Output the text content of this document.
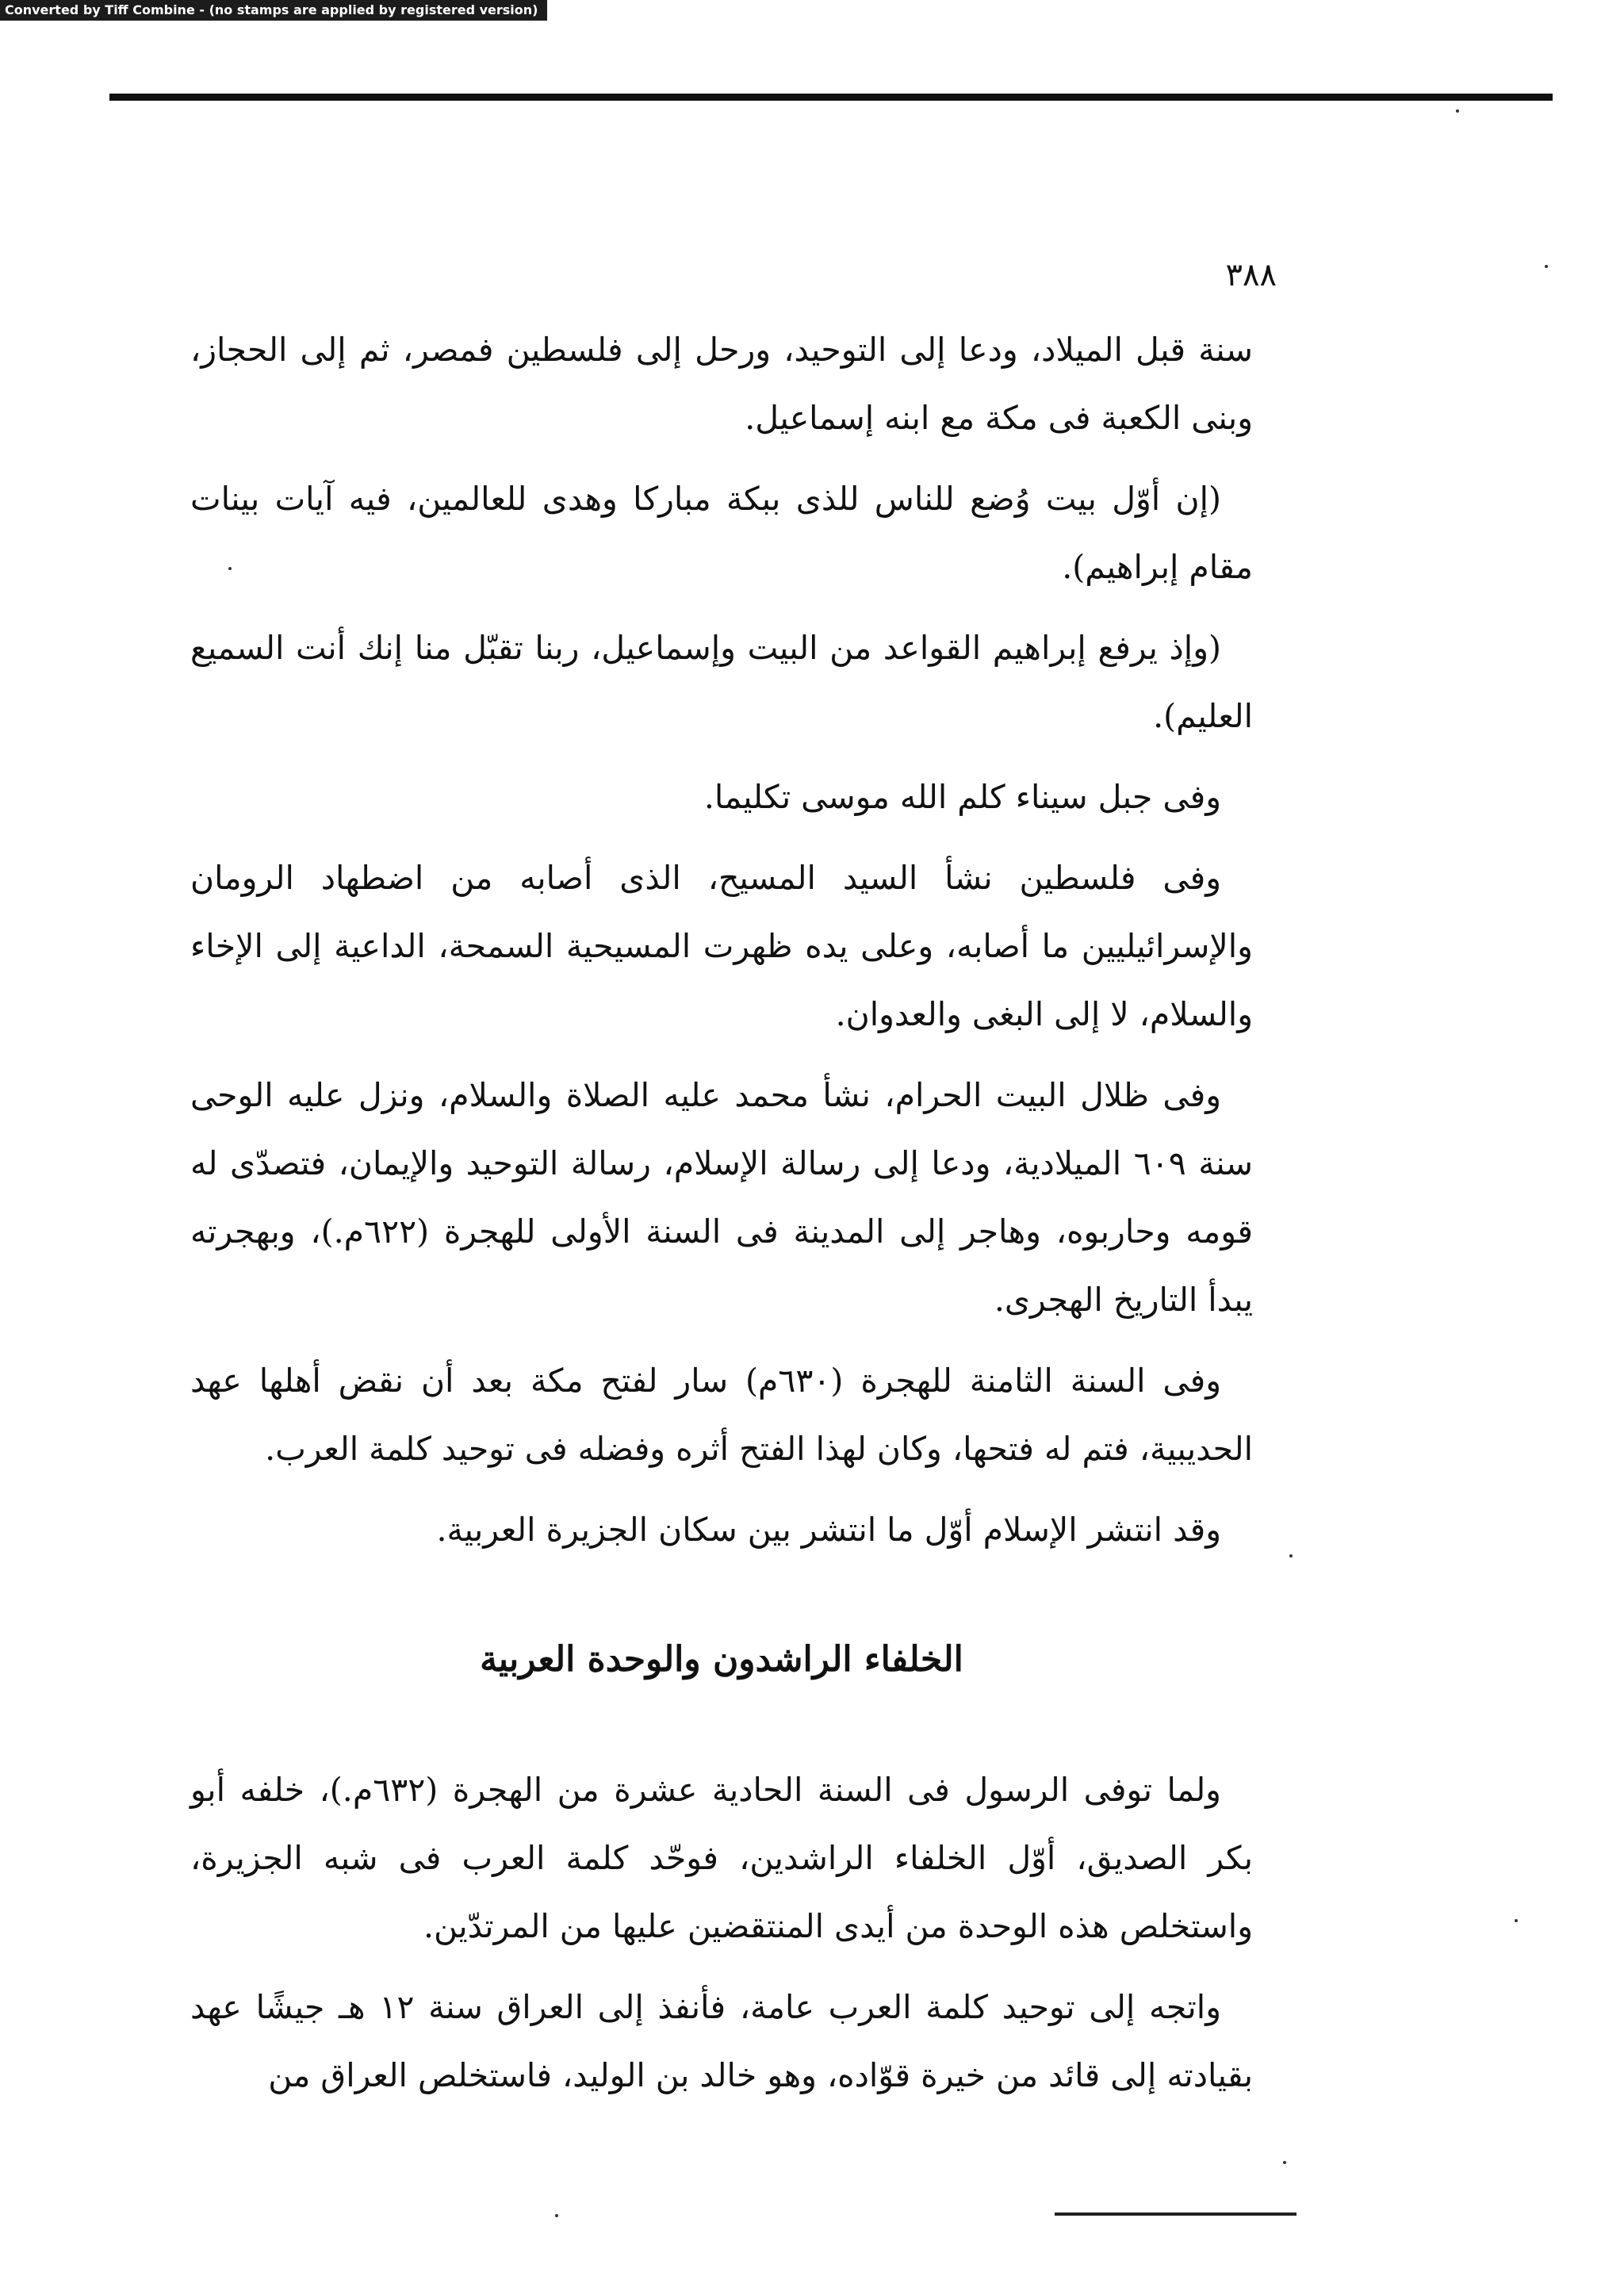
Converted by Tiff Combine - (no stamps are applied by registered version)
٣٨٨

سنة قبل الميلاد، ودعا إلى التوحيد، ورحل إلى فلسطين فمصر، ثم إلى الحجاز، وبنى الكعبة فى مكة مع ابنه إسماعيل.

(إن أوّل بيت وُضع للناس للذى ببكة مباركا وهدى للعالمين، فيه آيات بينات مقام إبراهيم).

(وإذ يرفع إبراهيم القواعد من البيت وإسماعيل، ربنا تقبّل منا إنك أنت السميع العليم).

وفى جبل سيناء كلم الله موسى تكليما.

وفى فلسطين نشأ السيد المسيح، الذى أصابه من اضطهاد الرومان والإسرائيليين ما أصابه، وعلى يده ظهرت المسيحية السمحة، الداعية إلى الإخاء والسلام، لا إلى البغى والعدوان.

وفى ظلال البيت الحرام، نشأ محمد عليه الصلاة والسلام، ونزل عليه الوحى سنة ٦٠٩ الميلادية، ودعا إلى رسالة الإسلام، رسالة التوحيد والإيمان، فتصدّى له قومه وحاربوه، وهاجر إلى المدينة فى السنة الأولى للهجرة (٦٢٢م.)، وبهجرته يبدأ التاريخ الهجرى.

وفى السنة الثامنة للهجرة (٦٣٠م) سار لفتح مكة بعد أن نقض أهلها عهد الحديبية، فتم له فتحها، وكان لهذا الفتح أثره وفضله فى توحيد كلمة العرب.

وقد انتشر الإسلام أوّل ما انتشر بين سكان الجزيرة العربية.

الخلفاء الراشدون والوحدة العربية

ولما توفى الرسول فى السنة الحادية عشرة من الهجرة (٦٣٢م.)، خلفه أبو بكر الصديق، أوّل الخلفاء الراشدين، فوحّد كلمة العرب فى شبه الجزيرة، واستخلص هذه الوحدة من أيدى المنتقضين عليها من المرتدّين.

واتجه إلى توحيد كلمة العرب عامة، فأنفذ إلى العراق سنة ١٢ هـ جيشًا عهد بقيادته إلى قائد من خيرة قوّاده، وهو خالد بن الوليد، فاستخلص العراق من
